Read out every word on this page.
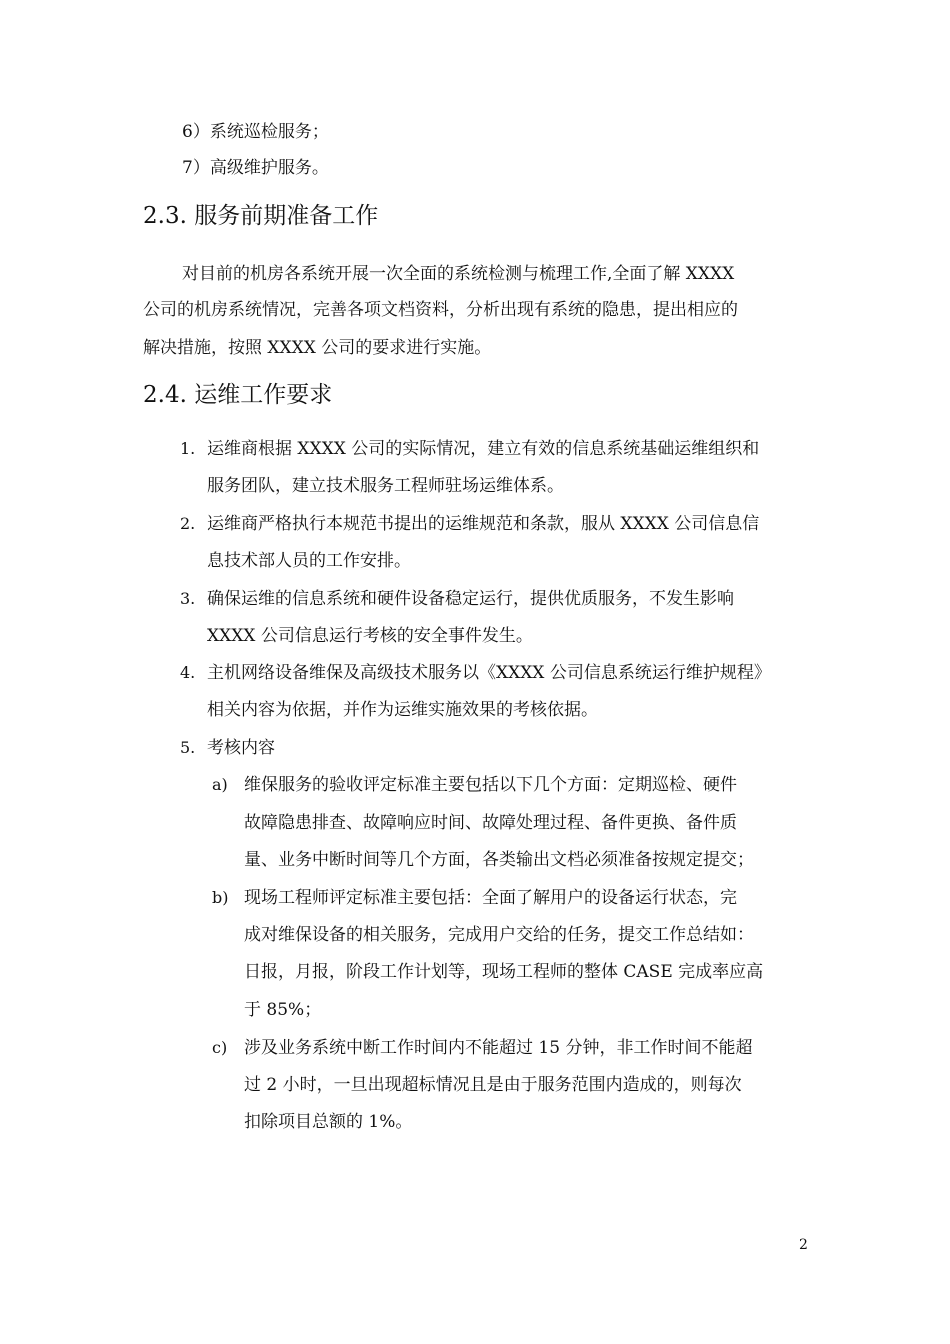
6）系统巡检服务；
7）高级维护服务。
2.3. 服务前期准备工作
对目前的机房各系统开展一次全面的系统检测与梳理工作,全面了解 XXXX
公司的机房系统情况，完善各项文档资料，分析出现有系统的隐患，提出相应的
解决措施，按照 XXXX 公司的要求进行实施。
2.4. 运维工作要求
1. 运维商根据 XXXX 公司的实际情况，建立有效的信息系统基础运维组织和
服务团队，建立技术服务工程师驻场运维体系。
2. 运维商严格执行本规范书提出的运维规范和条款，服从 XXXX 公司信息信
息技术部人员的工作安排。
3. 确保运维的信息系统和硬件设备稳定运行，提供优质服务，不发生影响
XXXX 公司信息运行考核的安全事件发生。
4. 主机网络设备维保及高级技术服务以《XXXX 公司信息系统运行维护规程》
相关内容为依据，并作为运维实施效果的考核依据。
5. 考核内容
a) 维保服务的验收评定标准主要包括以下几个方面：定期巡检、硬件
故障隐患排查、故障响应时间、故障处理过程、备件更换、备件质
量、业务中断时间等几个方面，各类输出文档必须准备按规定提交；
b) 现场工程师评定标准主要包括：全面了解用户的设备运行状态，完
成对维保设备的相关服务，完成用户交给的任务，提交工作总结如：
日报，月报，阶段工作计划等，现场工程师的整体 CASE 完成率应高
于 85%；
c) 涉及业务系统中断工作时间内不能超过 15 分钟，非工作时间不能超
过 2 小时，一旦出现超标情况且是由于服务范围内造成的，则每次
扣除项目总额的 1%。
2
